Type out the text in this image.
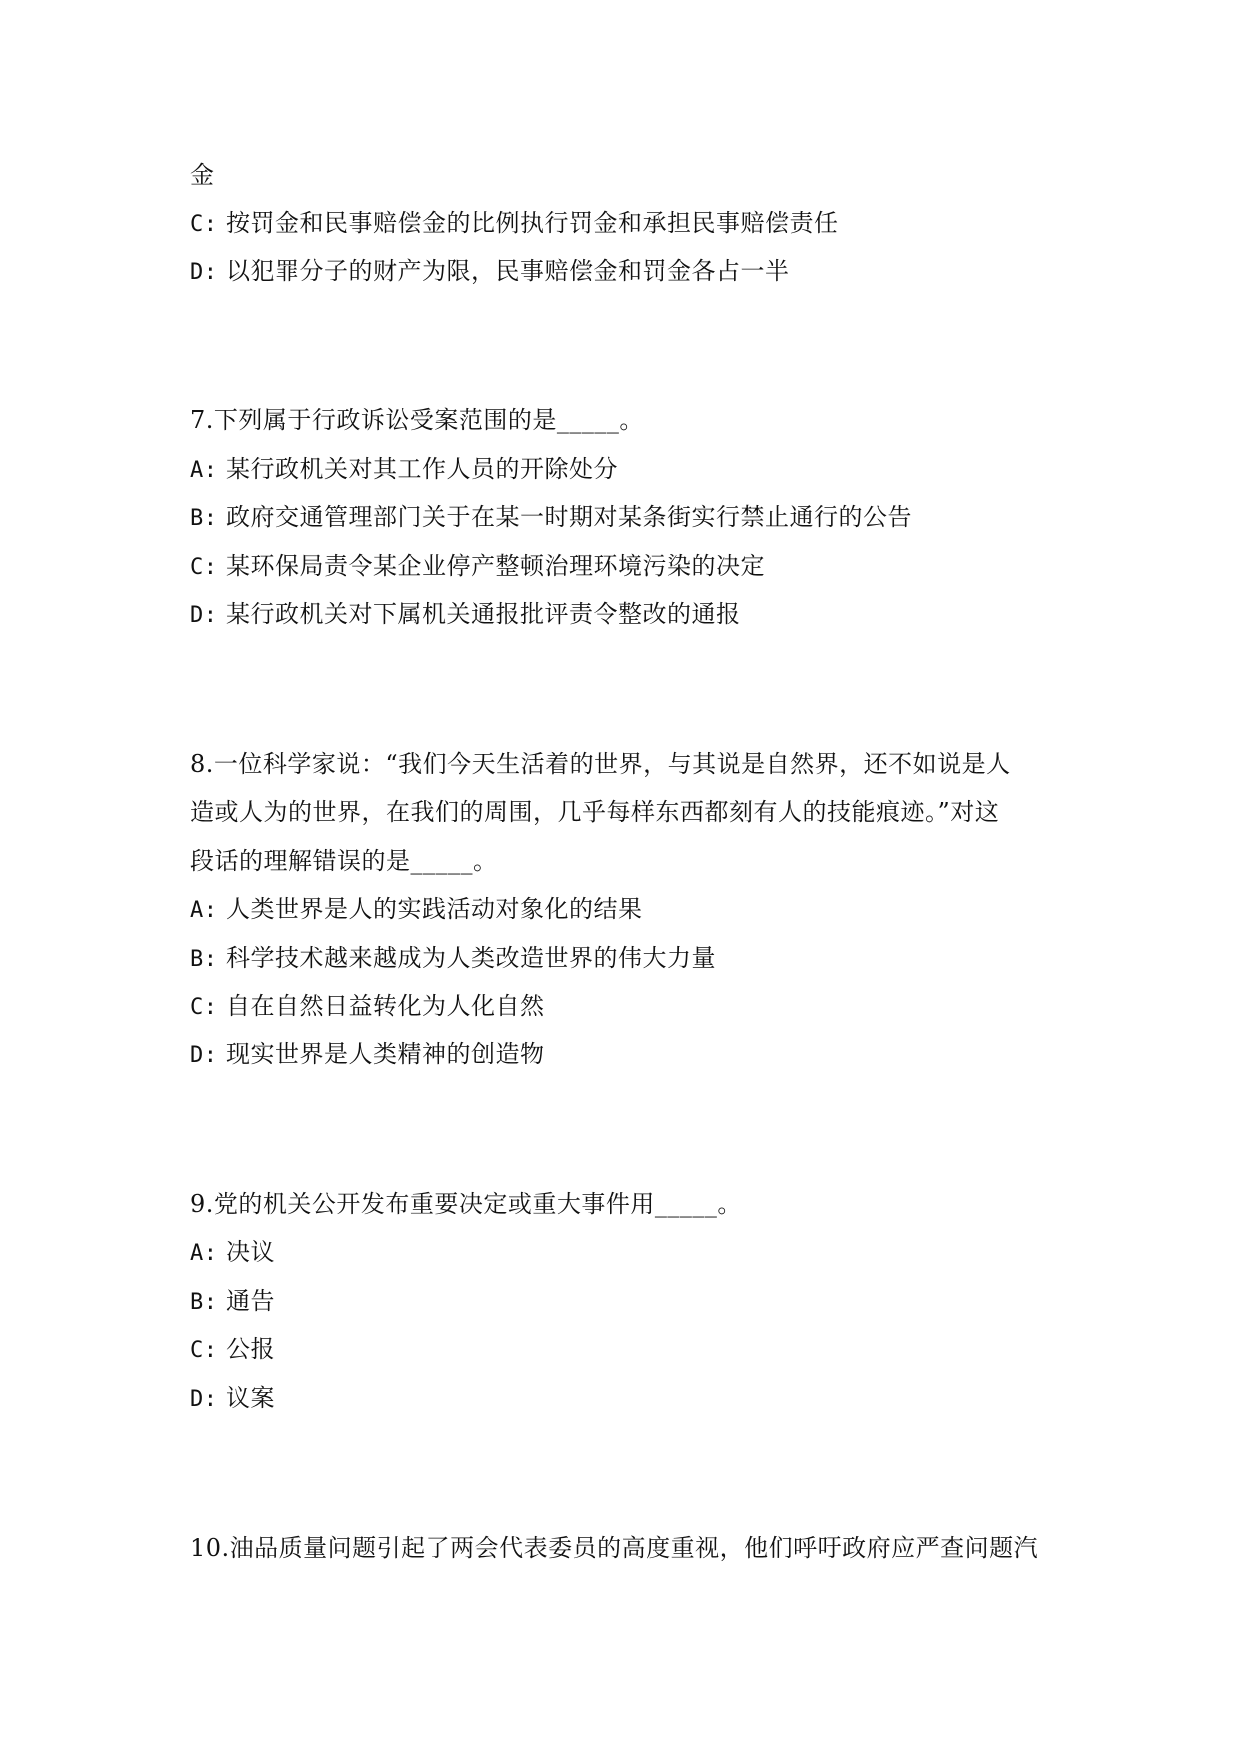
金
C: 按罚金和民事赔偿金的比例执行罚金和承担民事赔偿责任
D: 以犯罪分子的财产为限，民事赔偿金和罚金各占一半
7.下列属于行政诉讼受案范围的是_____。
A: 某行政机关对其工作人员的开除处分
B: 政府交通管理部门关于在某一时期对某条街实行禁止通行的公告
C: 某环保局责令某企业停产整顿治理环境污染的决定
D: 某行政机关对下属机关通报批评责令整改的通报
8.一位科学家说：“我们今天生活着的世界，与其说是自然界，还不如说是人
造或人为的世界，在我们的周围，几乎每样东西都刻有人的技能痕迹。”对这
段话的理解错误的是_____。
A: 人类世界是人的实践活动对象化的结果
B: 科学技术越来越成为人类改造世界的伟大力量
C: 自在自然日益转化为人化自然
D: 现实世界是人类精神的创造物
9.党的机关公开发布重要决定或重大事件用_____。
A: 决议
B: 通告
C: 公报
D: 议案
10.油品质量问题引起了两会代表委员的高度重视，他们呼吁政府应严查问题汽
